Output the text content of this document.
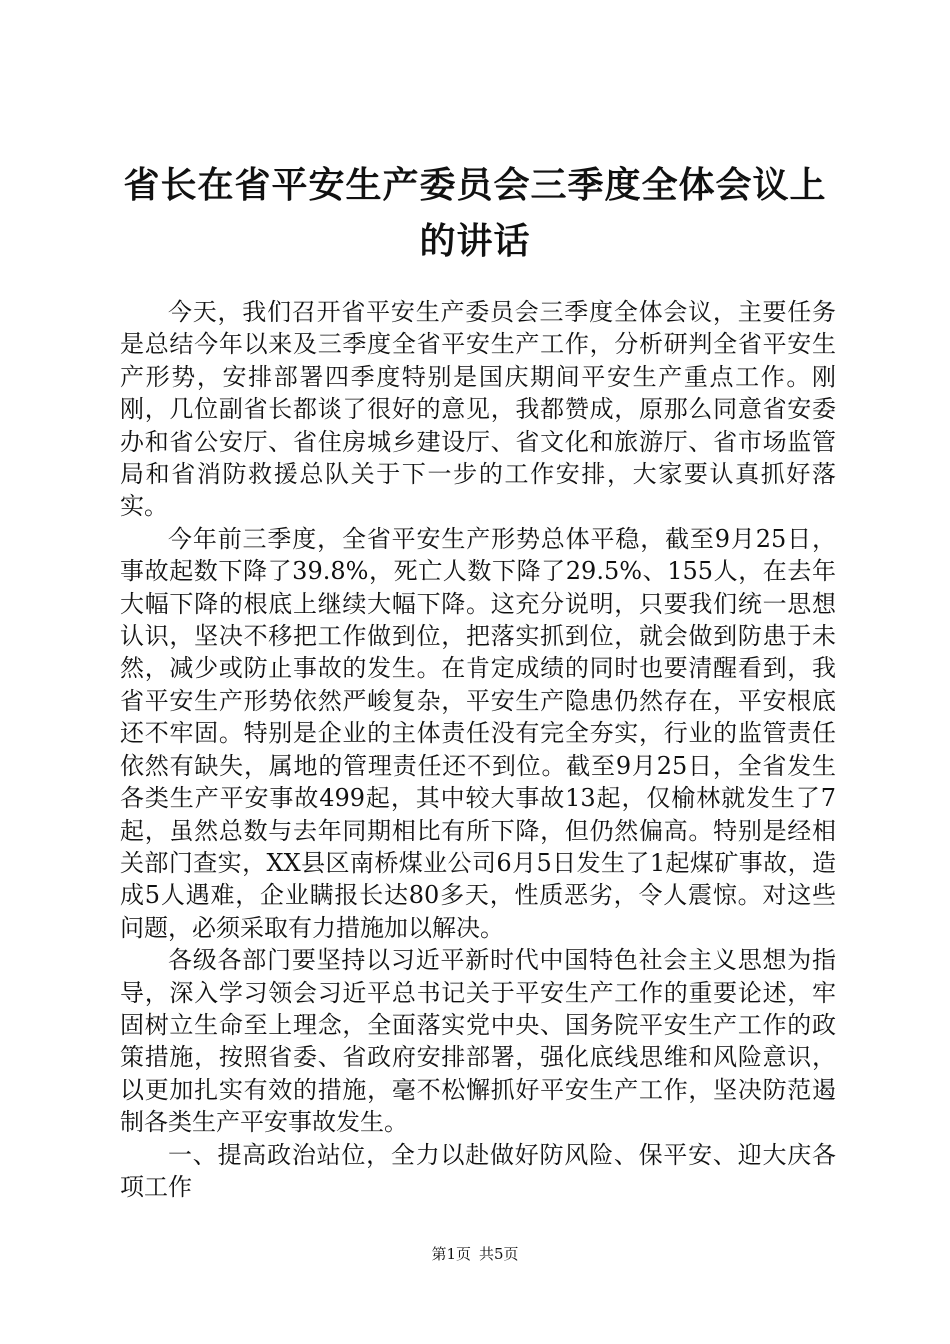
省长在省平安生产委员会三季度全体会议上的讲话

今天，我们召开省平安生产委员会三季度全体会议，主要任务是总结今年以来及三季度全省平安生产工作，分析研判全省平安生产形势，安排部署四季度特别是国庆期间平安生产重点工作。刚刚，几位副省长都谈了很好的意见，我都赞成，原那么同意省安委办和省公安厅、省住房城乡建设厅、省文化和旅游厅、省市场监管局和省消防救援总队关于下一步的工作安排，大家要认真抓好落实。

今年前三季度，全省平安生产形势总体平稳，截至9月25日，事故起数下降了39.8%，死亡人数下降了29.5%、155人，在去年大幅下降的根底上继续大幅下降。这充分说明，只要我们统一思想认识，坚决不移把工作做到位，把落实抓到位，就会做到防患于未然，减少或防止事故的发生。在肯定成绩的同时也要清醒看到，我省平安生产形势依然严峻复杂，平安生产隐患仍然存在，平安根底还不牢固。特别是企业的主体责任没有完全夯实，行业的监管责任依然有缺失，属地的管理责任还不到位。截至9月25日，全省发生各类生产平安事故499起，其中较大事故13起，仅榆林就发生了7起，虽然总数与去年同期相比有所下降，但仍然偏高。特别是经相关部门查实，XX县区南桥煤业公司6月5日发生了1起煤矿事故，造成5人遇难，企业瞒报长达80多天，性质恶劣，令人震惊。对这些问题，必须采取有力措施加以解决。

各级各部门要坚持以习近平新时代中国特色社会主义思想为指导，深入学习领会习近平总书记关于平安生产工作的重要论述，牢固树立生命至上理念，全面落实党中央、国务院平安生产工作的政策措施，按照省委、省政府安排部署，强化底线思维和风险意识，以更加扎实有效的措施，毫不松懈抓好平安生产工作，坚决防范遏制各类生产平安事故发生。

一、提高政治站位，全力以赴做好防风险、保平安、迎大庆各项工作

第1页 共5页
